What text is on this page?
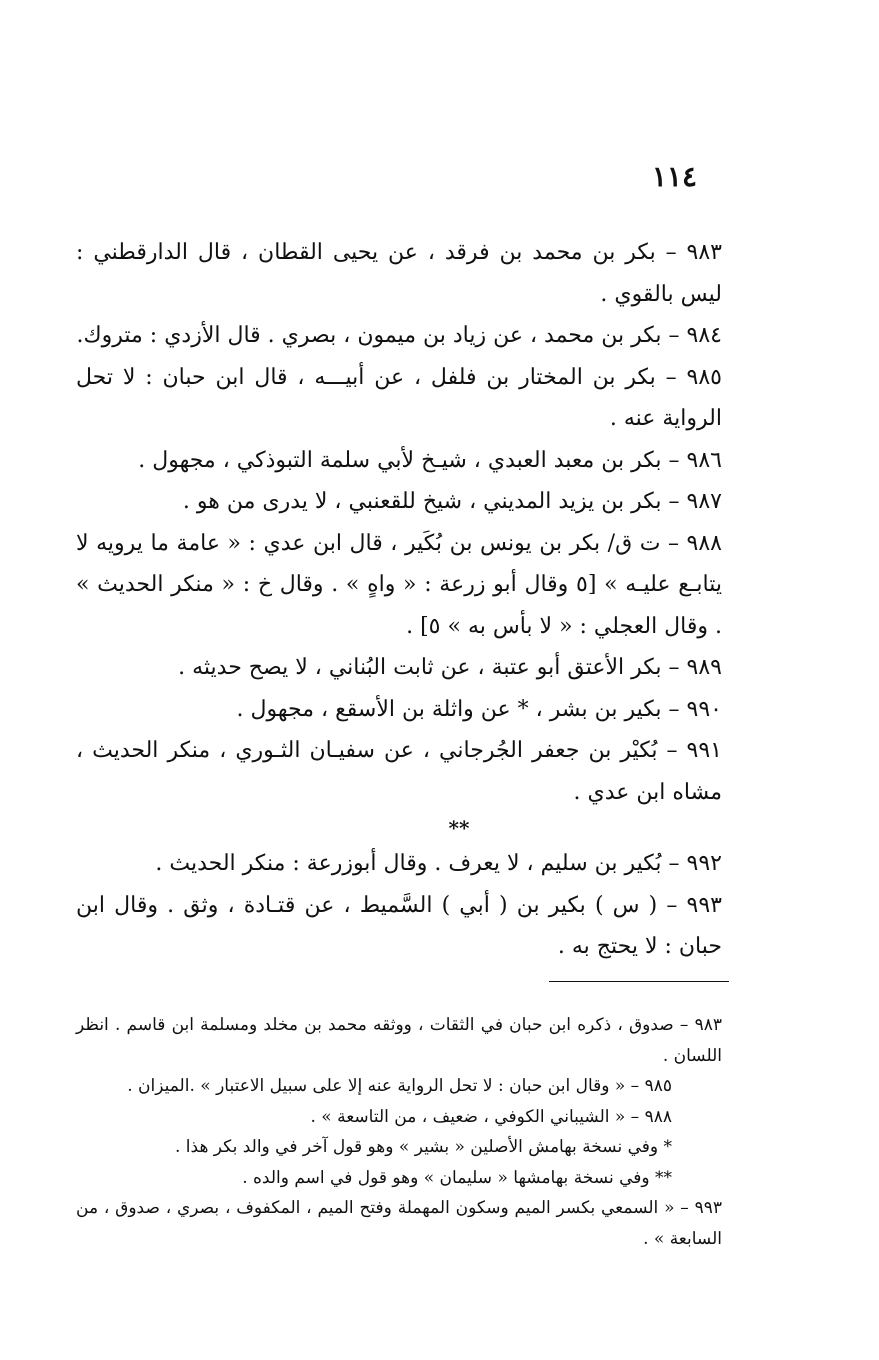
١١٤

٩٨٣ – بكر بن محمد بن فرقد ، عن يحيى القطان ، قال الدارقطني : ليس بالقوي .

٩٨٤ – بكر بن محمد ، عن زياد بن ميمون ، بصري . قال الأزدي : متروك.

٩٨٥ – بكر بن المختار بن فلفل ، عن أبيـــه ، قال ابن حبان : لا تحل الرواية عنه .

٩٨٦ – بكر بن معبد العبدي ، شيـخ لأبي سلمة التبوذكي ، مجهول .

٩٨٧ – بكر بن يزيد المديني ، شيخ للقعنبي ، لا يدرى من هو .

٩٨٨ – ت ق/ بكر بن يونس بن بُكَير ، قال ابن عدي : « عامة ما يرويه لا يتابـع عليـه » [٥ وقال أبو زرعة : « واهٍ » . وقال خ : « منكر الحديث » . وقال العجلي : « لا بأس به » ٥] .

٩٨٩ – بكر الأعتق أبو عتبة ، عن ثابت البُناني ، لا يصح حديثه .

٩٩٠ – بكير بن بشر ، * عن واثلة بن الأسقع ، مجهول .

٩٩١ – بُكيْر بن جعفر الجُرجاني ، عن سفيـان الثـوري ، منكر الحديث ، مشاه ابن عدي .

**

٩٩٢ – بُكير بن سليم ، لا يعرف . وقال أبوزرعة : منكر الحديث .

٩٩٣ – ( س ) بكير بن ( أبي ) السَّميط ، عن قتـادة ، وثق . وقال ابن حبان : لا يحتج به .

٩٨٣ – صدوق ، ذكره ابن حبان في الثقات ، ووثقه محمد بن مخلد ومسلمة ابن قاسم . انظر اللسان .

٩٨٥ – « وقال ابن حبان : لا تحل الرواية عنه إلا على سبيل الاعتبار » .الميزان .

٩٨٨ – « الشيباني الكوفي ، ضعيف ، من التاسعة » .

* وفي نسخة بهامش الأصلين « بشير » وهو قول آخر في والد بكر هذا .

** وفي نسخة بهامشها « سليمان » وهو قول في اسم والده .

٩٩٣ – « السمعي بكسر الميم وسكون المهملة وفتح الميم ، المكفوف ، بصري ، صدوق ، من السابعة » .
